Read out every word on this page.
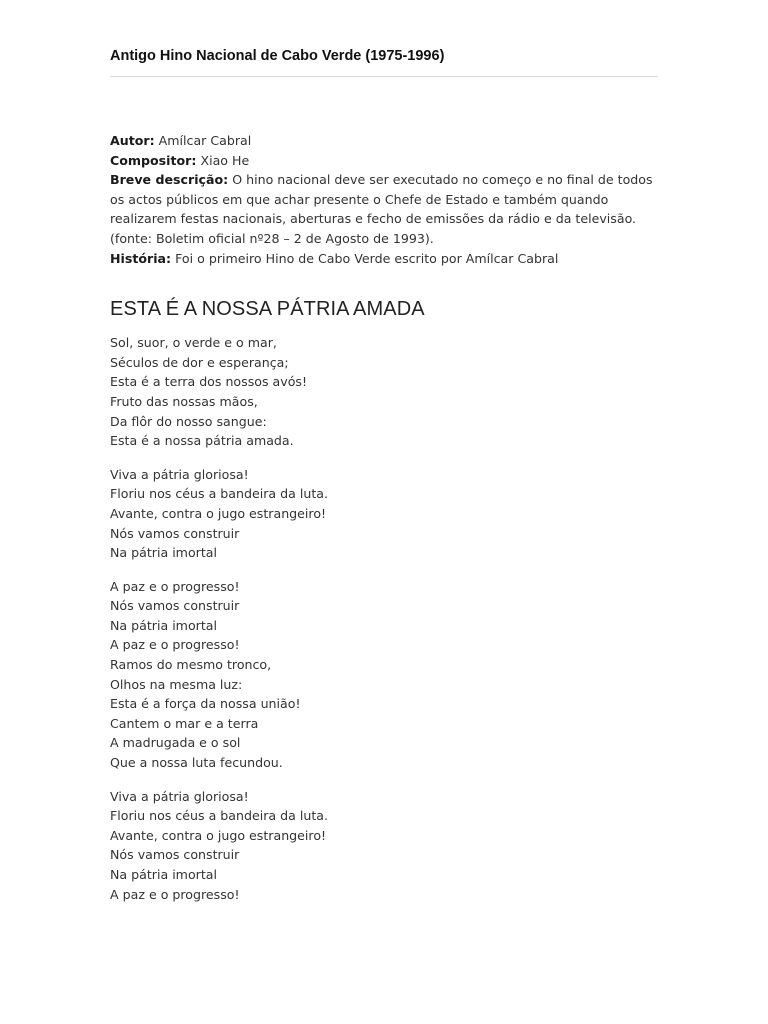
Antigo Hino Nacional de Cabo Verde (1975-1996)
Autor: Amílcar Cabral
Compositor: Xiao He
Breve descrição: O hino nacional deve ser executado no começo e no final de todos os actos públicos em que achar presente o Chefe de Estado e também quando realizarem festas nacionais, aberturas e fecho de emissões da rádio e da televisão. (fonte: Boletim oficial nº28 – 2 de Agosto de 1993).
História: Foi o primeiro Hino de Cabo Verde escrito por Amílcar Cabral
ESTA É A NOSSA PÁTRIA AMADA
Sol, suor, o verde e o mar,
Séculos de dor e esperança;
Esta é a terra dos nossos avós!
Fruto das nossas mãos,
Da flôr do nosso sangue:
Esta é a nossa pátria amada.
Viva a pátria gloriosa!
Floriu nos céus a bandeira da luta.
Avante, contra o jugo estrangeiro!
Nós vamos construir
Na pátria imortal
A paz e o progresso!
Nós vamos construir
Na pátria imortal
A paz e o progresso!
Ramos do mesmo tronco,
Olhos na mesma luz:
Esta é a força da nossa união!
Cantem o mar e a terra
A madrugada e o sol
Que a nossa luta fecundou.
Viva a pátria gloriosa!
Floriu nos céus a bandeira da luta.
Avante, contra o jugo estrangeiro!
Nós vamos construir
Na pátria imortal
A paz e o progresso!
